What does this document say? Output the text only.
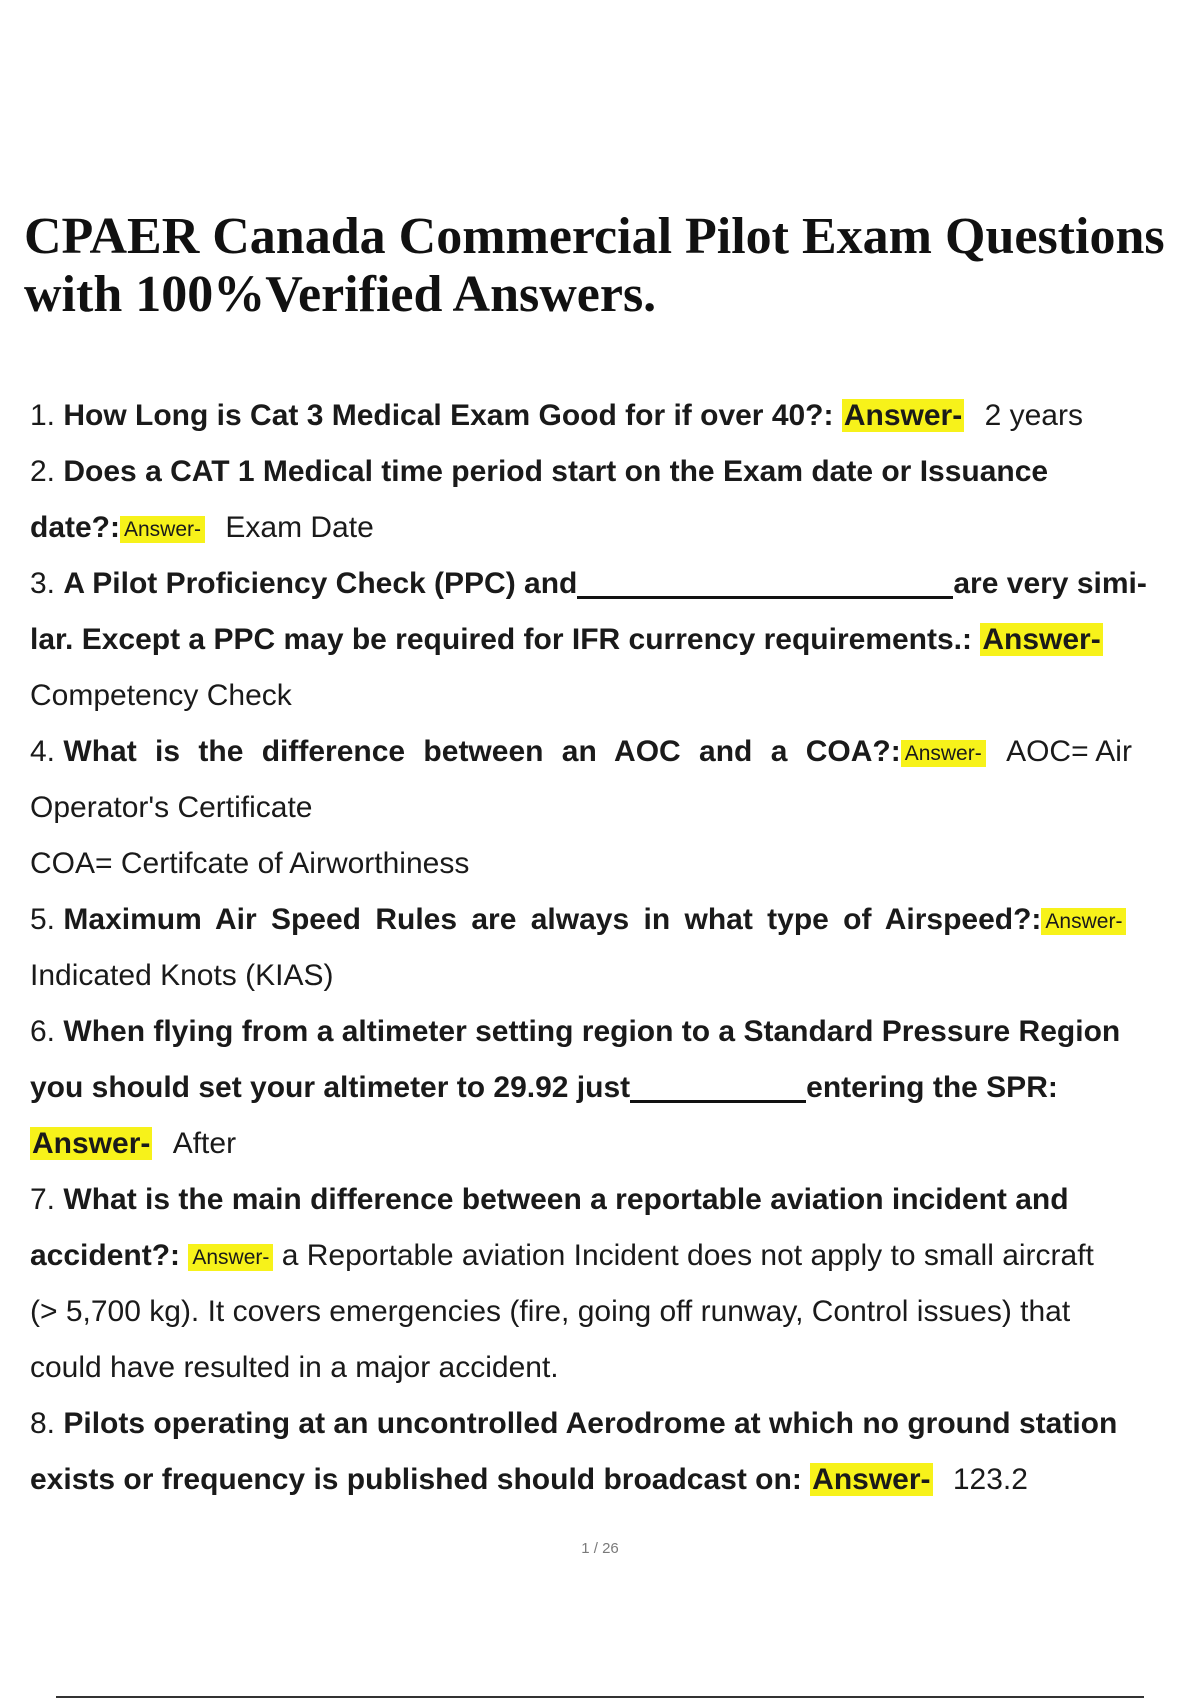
CPAER Canada Commercial Pilot Exam Questions
with 100%Verified Answers.
1. How Long is Cat 3 Medical Exam Good for if over 40?: Answer- 2 years
2. Does a CAT 1 Medical time period start on the Exam date or Issuance
date?: Answer- Exam Date
3. A Pilot Proficiency Check (PPC) and	are very simi-
lar. Except a PPC may be required for IFR currency requirements.: Answer-
Competency Check
4. What is the difference between an AOC and a COA?: Answer- AOC= Air
Operator's Certificate
COA= Certifcate of Airworthiness
5. Maximum Air Speed Rules are always in what type of Airspeed?: Answer-
Indicated Knots (KIAS)
6. When flying from a altimeter setting region to a Standard Pressure Region
you should set your altimeter to 29.92 just	entering the SPR:
Answer- After
7. What is the main difference between a reportable aviation incident and
accident?: Answer- a Reportable aviation Incident does not apply to small aircraft
(> 5,700 kg). It covers emergencies (fire, going off runway, Control issues) that
could have resulted in a major accident.
8. Pilots operating at an uncontrolled Aerodrome at which no ground station
exists or frequency is published should broadcast on: Answer- 123.2
1 / 26
